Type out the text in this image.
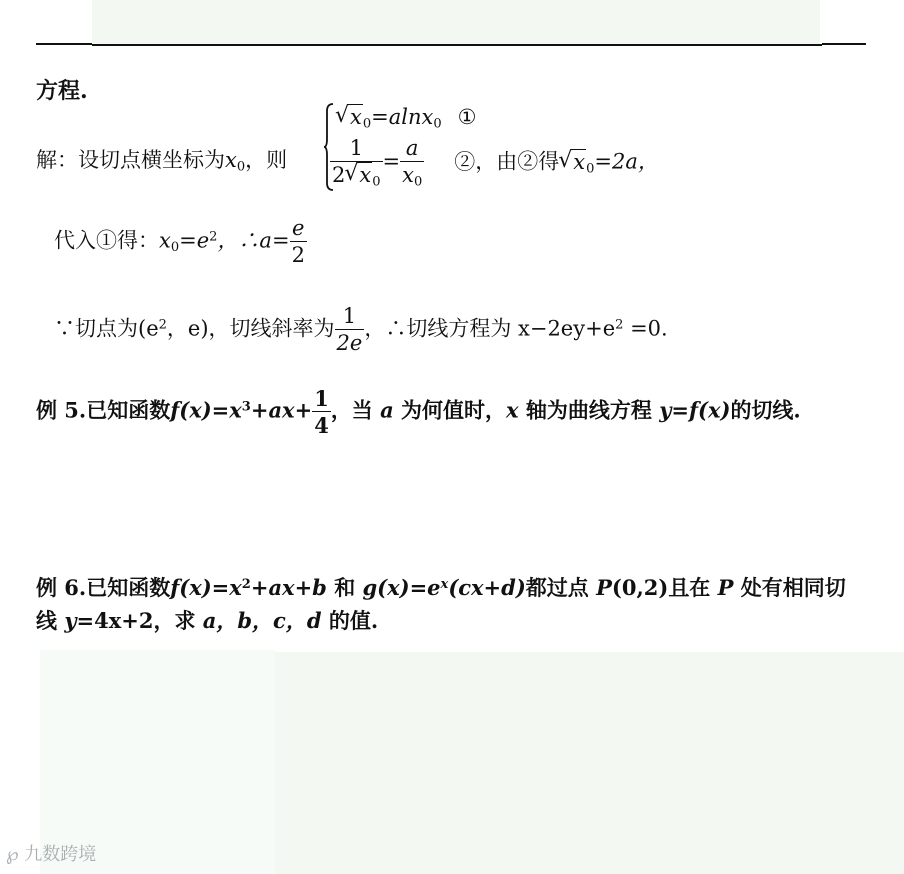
方程.
解：设切点横坐标为$x_0$，则
√ $x_0=alnx_0$ ①
$\frac{1}{2 √ x_0} = \frac{a}{x_0}$ ②，由②得 √ $x_0=2a$，
代入①得：$x_0=e^2$，∴a= $\frac{e}{2}$
∵切点为($e^2$，e)，切线斜率为 $\frac{1}{2e}$ ，∴切线方程为 $x-2ey+e^2 =0$.
例 5.已知函数$f(x)=x^3+ax+ \frac{1}{4}$ ，当 a 为何值时，x 轴为曲线方程 y=f(x)的切线.
例 6.已知函数$f(x)=x^2+ax+b$ 和 $g(x)=e^x(cx+d)$都过点 P(0,2)且在 P 处有相同切
线 y=4x+2，求 a，b，c，d 的值.
℘ 九数跨境
